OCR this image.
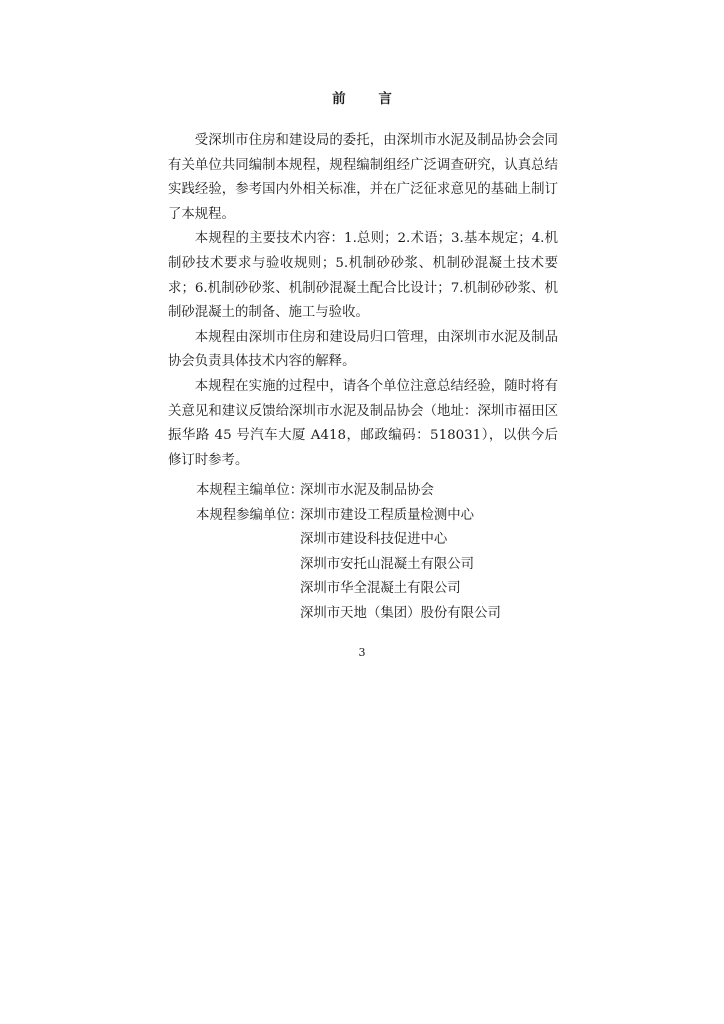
前 言

受深圳市住房和建设局的委托，由深圳市水泥及制品协会会同有关单位共同编制本规程，规程编制组经广泛调查研究，认真总结实践经验，参考国内外相关标准，并在广泛征求意见的基础上制订了本规程。

本规程的主要技术内容：1.总则；2.术语；3.基本规定；4.机制砂技术要求与验收规则；5.机制砂砂浆、机制砂混凝土技术要求；6.机制砂砂浆、机制砂混凝土配合比设计；7.机制砂砂浆、机制砂混凝土的制备、施工与验收。

本规程由深圳市住房和建设局归口管理，由深圳市水泥及制品协会负责具体技术内容的解释。

本规程在实施的过程中，请各个单位注意总结经验，随时将有关意见和建议反馈给深圳市水泥及制品协会（地址：深圳市福田区振华路 45 号汽车大厦 A418，邮政编码：518031），以供今后修订时参考。

本规程主编单位：
深圳市水泥及制品协会
本规程参编单位：
深圳市建设工程质量检测中心
深圳市建设科技促进中心
深圳市安托山混凝土有限公司
深圳市华全混凝土有限公司
深圳市天地（集团）股份有限公司
3
